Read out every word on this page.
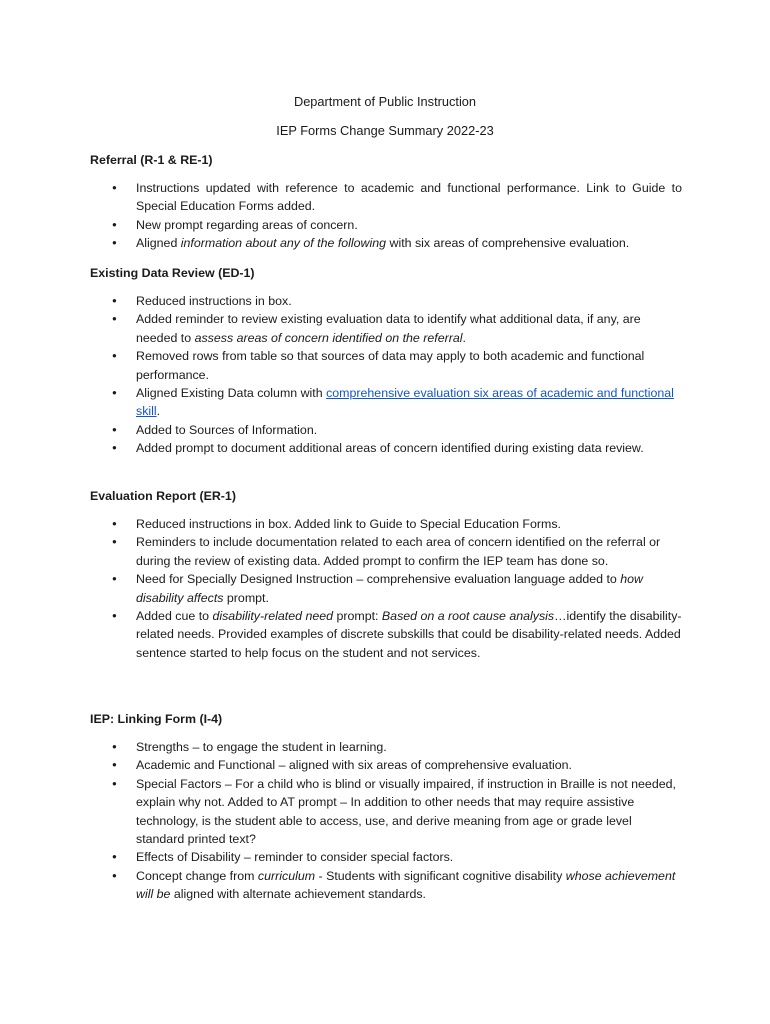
Department of Public Instruction
IEP Forms Change Summary 2022-23
Referral (R-1 & RE-1)
● Instructions updated with reference to academic and functional performance. Link to Guide to Special Education Forms added.
● New prompt regarding areas of concern.
● Aligned information about any of the following with six areas of comprehensive evaluation.
Existing Data Review (ED-1)
● Reduced instructions in box.
● Added reminder to review existing evaluation data to identify what additional data, if any, are needed to assess areas of concern identified on the referral.
● Removed rows from table so that sources of data may apply to both academic and functional performance.
● Aligned Existing Data column with comprehensive evaluation six areas of academic and functional skill.
● Added to Sources of Information.
● Added prompt to document additional areas of concern identified during existing data review.
Evaluation Report (ER-1)
● Reduced instructions in box. Added link to Guide to Special Education Forms.
● Reminders to include documentation related to each area of concern identified on the referral or during the review of existing data. Added prompt to confirm the IEP team has done so.
● Need for Specially Designed Instruction – comprehensive evaluation language added to how disability affects prompt.
● Added cue to disability-related need prompt: Based on a root cause analysis…identify the disability-related needs. Provided examples of discrete subskills that could be disability-related needs. Added sentence started to help focus on the student and not services.
IEP: Linking Form (I-4)
● Strengths – to engage the student in learning.
● Academic and Functional – aligned with six areas of comprehensive evaluation.
● Special Factors – For a child who is blind or visually impaired, if instruction in Braille is not needed, explain why not. Added to AT prompt – In addition to other needs that may require assistive technology, is the student able to access, use, and derive meaning from age or grade level standard printed text?
● Effects of Disability – reminder to consider special factors.
● Concept change from curriculum - Students with significant cognitive disability whose achievement will be aligned with alternate achievement standards.
